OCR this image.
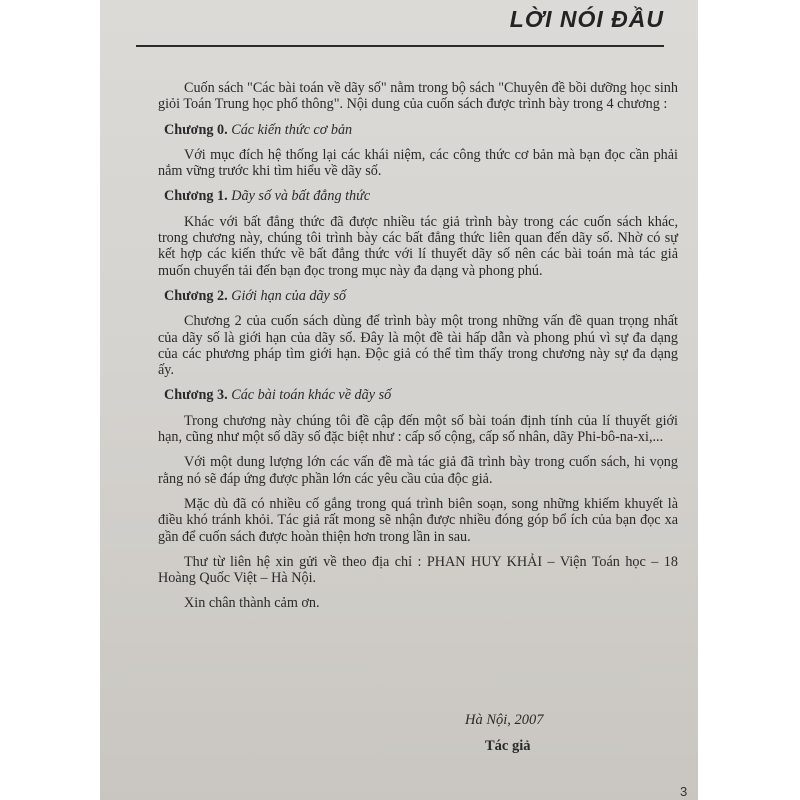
LỜI NÓI ĐẦU

Cuốn sách "Các bài toán về dãy số" nằm trong bộ sách "Chuyên đề bồi dưỡng học sinh giỏi Toán Trung học phổ thông". Nội dung của cuốn sách được trình bày trong 4 chương :

Chương 0. Các kiến thức cơ bản

Với mục đích hệ thống lại các khái niệm, các công thức cơ bản mà bạn đọc cần phải nắm vững trước khi tìm hiểu về dãy số.

Chương 1. Dãy số và bất đẳng thức

Khác với bất đẳng thức đã được nhiều tác giả trình bày trong các cuốn sách khác, trong chương này, chúng tôi trình bày các bất đẳng thức liên quan đến dãy số. Nhờ có sự kết hợp các kiến thức về bất đẳng thức với lí thuyết dãy số nên các bài toán mà tác giả muốn chuyển tải đến bạn đọc trong mục này đa dạng và phong phú.

Chương 2. Giới hạn của dãy số

Chương 2 của cuốn sách dùng để trình bày một trong những vấn đề quan trọng nhất của dãy số là giới hạn của dãy số. Đây là một đề tài hấp dẫn và phong phú vì sự đa dạng của các phương pháp tìm giới hạn. Độc giả có thể tìm thấy trong chương này sự đa dạng ấy.

Chương 3. Các bài toán khác về dãy số

Trong chương này chúng tôi đề cập đến một số bài toán định tính của lí thuyết giới hạn, cũng như một số dãy số đặc biệt như : cấp số cộng, cấp số nhân, dãy Phi-bô-na-xi,...

Với một dung lượng lớn các vấn đề mà tác giả đã trình bày trong cuốn sách, hi vọng rằng nó sẽ đáp ứng được phần lớn các yêu cầu của độc giả.

Mặc dù đã có nhiều cố gắng trong quá trình biên soạn, song những khiếm khuyết là điều khó tránh khỏi. Tác giả rất mong sẽ nhận được nhiều đóng góp bổ ích của bạn đọc xa gần để cuốn sách được hoàn thiện hơn trong lần in sau.

Thư từ liên hệ xin gửi về theo địa chỉ : PHAN HUY KHẢI – Viện Toán học – 18 Hoàng Quốc Việt – Hà Nội.

Xin chân thành cảm ơn.

Hà Nội, 2007
Tác giả
3
